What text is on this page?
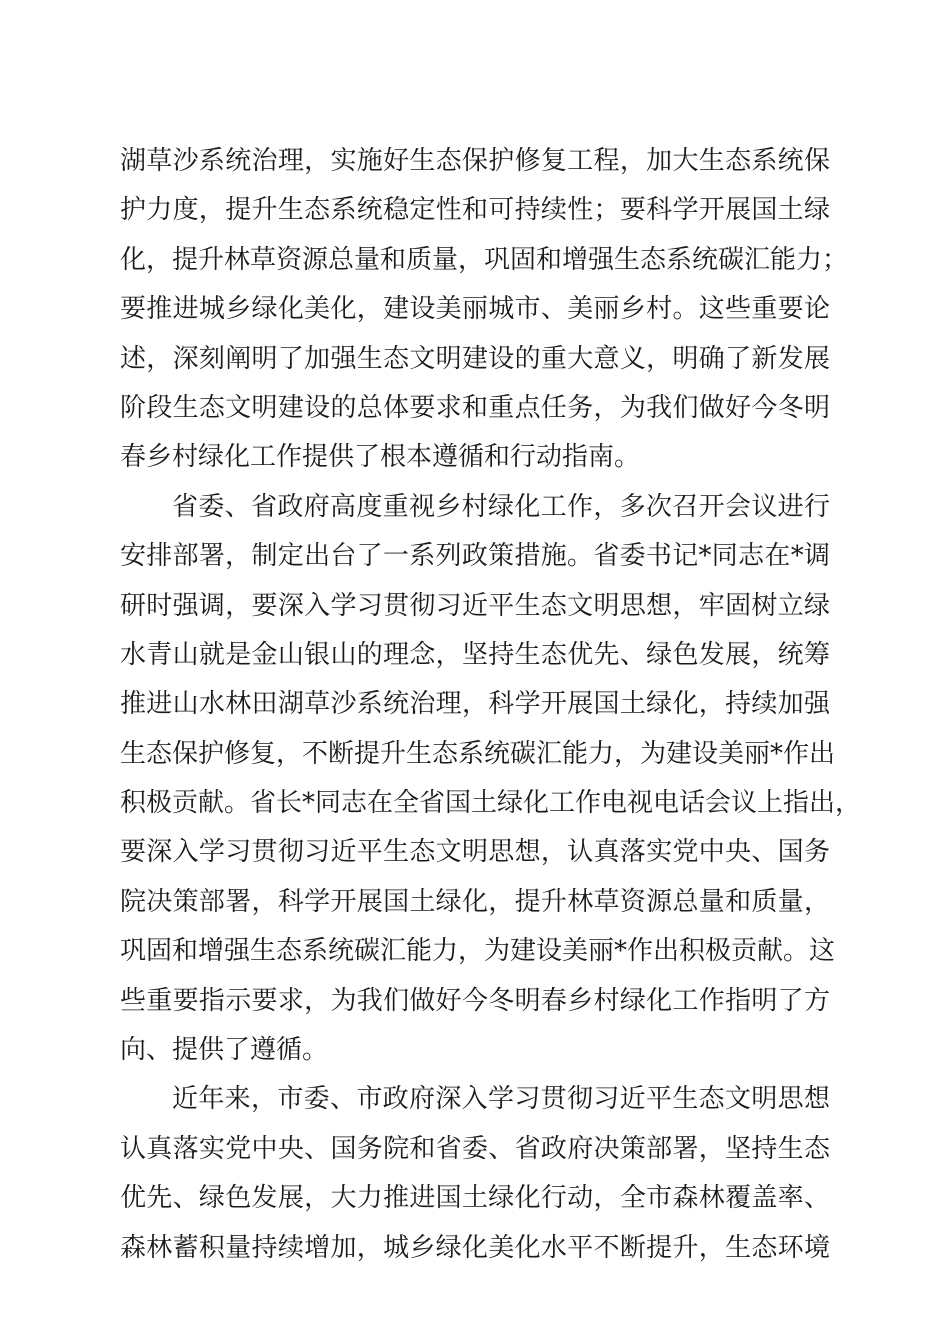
湖草沙系统治理，实施好生态保护修复工程，加大生态系统保
护力度，提升生态系统稳定性和可持续性；要科学开展国土绿
化，提升林草资源总量和质量，巩固和增强生态系统碳汇能力；
要推进城乡绿化美化，建设美丽城市、美丽乡村。这些重要论
述，深刻阐明了加强生态文明建设的重大意义，明确了新发展
阶段生态文明建设的总体要求和重点任务，为我们做好今冬明
春乡村绿化工作提供了根本遵循和行动指南。
省委、省政府高度重视乡村绿化工作，多次召开会议进行
安排部署，制定出台了一系列政策措施。省委书记*同志在*调
研时强调，要深入学习贯彻习近平生态文明思想，牢固树立绿
水青山就是金山银山的理念，坚持生态优先、绿色发展，统筹
推进山水林田湖草沙系统治理，科学开展国土绿化，持续加强
生态保护修复，不断提升生态系统碳汇能力，为建设美丽*作出
积极贡献。省长*同志在全省国土绿化工作电视电话会议上指出，
要深入学习贯彻习近平生态文明思想，认真落实党中央、国务
院决策部署，科学开展国土绿化，提升林草资源总量和质量，
巩固和增强生态系统碳汇能力，为建设美丽*作出积极贡献。这
些重要指示要求，为我们做好今冬明春乡村绿化工作指明了方
向、提供了遵循。
近年来，市委、市政府深入学习贯彻习近平生态文明思想
认真落实党中央、国务院和省委、省政府决策部署，坚持生态
优先、绿色发展，大力推进国土绿化行动，全市森林覆盖率、
森林蓄积量持续增加，城乡绿化美化水平不断提升，生态环境
